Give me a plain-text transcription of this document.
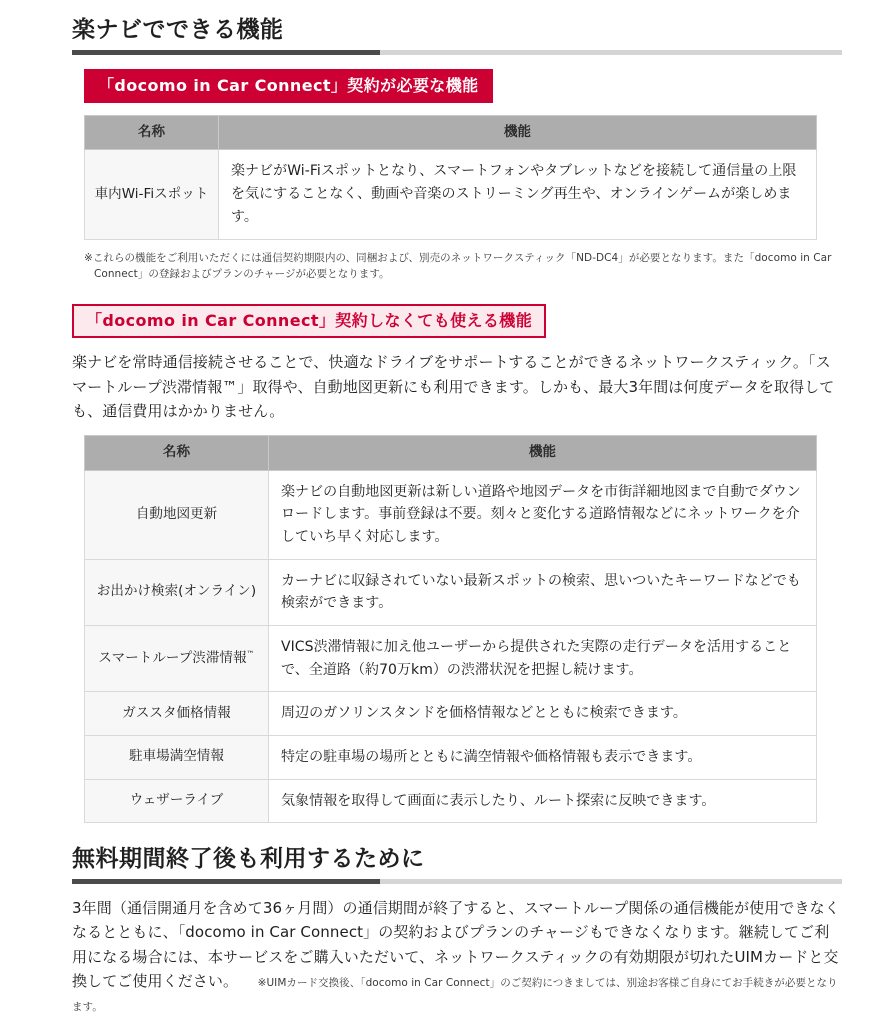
楽ナビでできる機能
「docomo in Car Connect」契約が必要な機能
名称	機能
車内Wi-Fiスポット	楽ナビがWi-Fiスポットとなり、スマートフォンやタブレットなどを接続して通信量の上限を気にすることなく、動画や音楽のストリーミング再生や、オンラインゲームが楽しめます。

※これらの機能をご利用いただくには通信契約期限内の、同梱および、別売のネットワークスティック「ND-DC4」が必要となります。また「docomo in Car
Connect」の登録およびプランのチャージが必要となります。

「docomo in Car Connect」契約しなくても使える機能

楽ナビを常時通信接続させることで、快適なドライブをサポートすることができるネットワークスティック。「スマートループ渋滞情報™」取得や、自動地図更新にも利用できます。しかも、最大3年間は何度データを取得しても、通信費用はかかりません。

名称	機能
自動地図更新	楽ナビの自動地図更新は新しい道路や地図データを市街詳細地図まで自動でダウンロードします。事前登録は不要。刻々と変化する道路情報などにネットワークを介していち早く対応します。
お出かけ検索(オンライン)	カーナビに収録されていない最新スポットの検索、思いついたキーワードなどでも検索ができます。
スマートループ渋滞情報™	VICS渋滞情報に加え他ユーザーから提供された実際の走行データを活用することで、全道路（約70万km）の渋滞状況を把握し続けます。
ガススタ価格情報	周辺のガソリンスタンドを価格情報などとともに検索できます。
駐車場満空情報	特定の駐車場の場所とともに満空情報や価格情報も表示できます。
ウェザーライブ	気象情報を取得して画面に表示したり、ルート探索に反映できます。
無料期間終了後も利用するために

3年間（通信開通月を含めて36ヶ月間）の通信期間が終了すると、スマートループ関係の通信機能が使用できなくなるとともに、「docomo in Car Connect」の契約およびプランのチャージもできなくなります。継続してご利用になる場合には、本サービスをご購入いただいて、ネットワークスティックの有効期限が切れたUIMカードと交換してご使用ください。 ※UIMカード交換後、「docomo in Car Connect」のご契約につきましては、別途お客様ご自身にてお手続きが必要となります。
